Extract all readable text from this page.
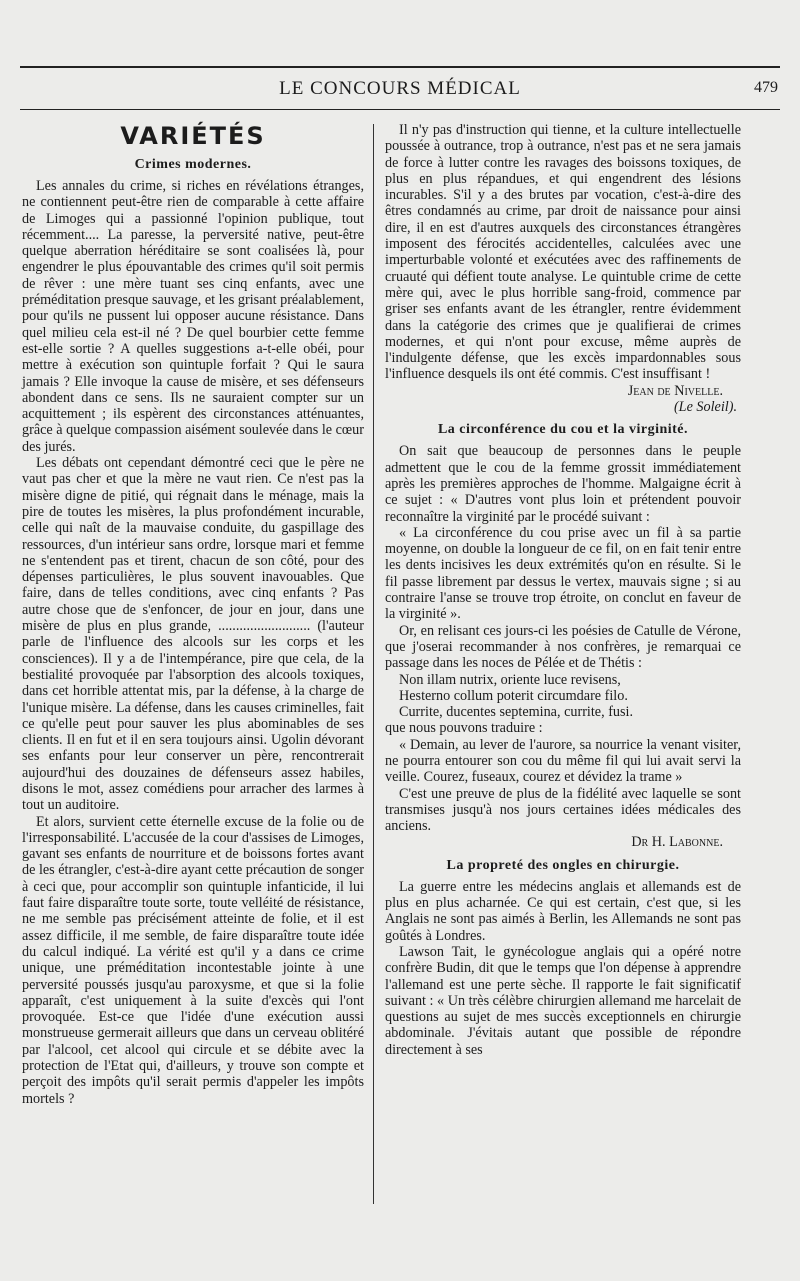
LE CONCOURS MÉDICAL	479
VARIÉTÉS
Crimes modernes.

Les annales du crime, si riches en révélations étranges, ne contiennent peut-être rien de comparable à cette affaire de Limoges qui a passionné l'opinion publique, tout récemment.... La paresse, la perversité native, peut-être quelque aberration héréditaire se sont coalisées là, pour engendrer le plus épouvantable des crimes qu'il soit permis de rêver : une mère tuant ses cinq enfants, avec une préméditation presque sauvage, et les grisant préalablement, pour qu'ils ne pussent lui opposer aucune résistance. Dans quel milieu cela est-il né ? De quel bourbier cette femme est-elle sortie ? A quelles suggestions a-t-elle obéi, pour mettre à exécution son quintuple forfait ? Qui le saura jamais ? Elle invoque la cause de misère, et ses défenseurs abondent dans ce sens. Ils ne sauraient compter sur un acquittement ; ils espèrent des circonstances atténuantes, grâce à quelque compassion aisément soulevée dans le cœur des jurés.

Les débats ont cependant démontré ceci que le père ne vaut pas cher et que la mère ne vaut rien. Ce n'est pas la misère digne de pitié, qui régnait dans le ménage, mais la pire de toutes les misères, la plus profondément incurable, celle qui naît de la mauvaise conduite, du gaspillage des ressources, d'un intérieur sans ordre, lorsque mari et femme ne s'entendent pas et tirent, chacun de son côté, pour des dépenses particulières, le plus souvent inavouables. Que faire, dans de telles conditions, avec cinq enfants ? Pas autre chose que de s'enfoncer, de jour en jour, dans une misère de plus en plus grande, .......................... (l'auteur parle de l'influence des alcools sur les corps et les consciences). Il y a de l'intempérance, pire que cela, de la bestialité provoquée par l'absorption des alcools toxiques, dans cet horrible attentat mis, par la défense, à la charge de l'unique misère. La défense, dans les causes criminelles, fait ce qu'elle peut pour sauver les plus abominables de ses clients. Il en fut et il en sera toujours ainsi. Ugolin dévorant ses enfants pour leur conserver un père, rencontrerait aujourd'hui des douzaines de défenseurs assez habiles, disons le mot, assez comédiens pour arracher des larmes à tout un auditoire.

Et alors, survient cette éternelle excuse de la folie ou de l'irresponsabilité. L'accusée de la cour d'assises de Limoges, gavant ses enfants de nourriture et de boissons fortes avant de les étrangler, c'est-à-dire ayant cette précaution de songer à ceci que, pour accomplir son quintuple infanticide, il lui faut faire disparaître toute sorte, toute velléité de résistance, ne me semble pas précisément atteinte de folie, et il est assez difficile, il me semble, de faire disparaître toute idée du calcul indiqué. La vérité est qu'il y a dans ce crime unique, une préméditation incontestable jointe à une perversité poussés jusqu'au paroxysme, et que si la folie apparaît, c'est uniquement à la suite d'excès qui l'ont provoquée. Est-ce que l'idée d'une exécution aussi monstrueuse germerait ailleurs que dans un cerveau oblitéré par l'alcool, cet alcool qui circule et se débite avec la protection de l'Etat qui, d'ailleurs, y trouve son compte et perçoit des impôts qu'il serait permis d'appeler les impôts mortels ?

Il n'y pas d'instruction qui tienne, et la culture intellectuelle poussée à outrance, trop à outrance, n'est pas et ne sera jamais de force à lutter contre les ravages des boissons toxiques, de plus en plus répandues, et qui engendrent des lésions incurables. S'il y a des brutes par vocation, c'est-à-dire des êtres condamnés au crime, par droit de naissance pour ainsi dire, il en est d'autres auxquels des circonstances étrangères imposent des férocités accidentelles, calculées avec une imperturbable volonté et exécutées avec des raffinements de cruauté qui défient toute analyse. Le quintuble crime de cette mère qui, avec le plus horrible sang-froid, commence par griser ses enfants avant de les étrangler, rentre évidemment dans la catégorie des crimes que je qualifierai de crimes modernes, et qui n'ont pour excuse, même auprès de l'indulgente défense, que les excès impardonnables sous l'influence desquels ils ont été commis. C'est insuffisant !

Jean de Nivelle.

(Le Soleil).

La circonférence du cou et la virginité.

On sait que beaucoup de personnes dans le peuple admettent que le cou de la femme grossit immédiatement après les premières approches de l'homme. Malgaigne écrit à ce sujet : « D'autres vont plus loin et prétendent pouvoir reconnaître la virginité par le procédé suivant :

« La circonférence du cou prise avec un fil à sa partie moyenne, on double la longueur de ce fil, on en fait tenir entre les dents incisives les deux extrémités qu'on en résulte. Si le fil passe librement par dessus le vertex, mauvais signe ; si au contraire l'anse se trouve trop étroite, on conclut en faveur de la virginité ».

Or, en relisant ces jours-ci les poésies de Catulle de Vérone, que j'oserai recommander à nos confrères, je remarquai ce passage dans les noces de Pélée et de Thétis :

Non illam nutrix, oriente luce revisens,
Hesterno collum poterit circumdare filo.
Currite, ducentes septemina, currite, fusi.

que nous pouvons traduire :

« Demain, au lever de l'aurore, sa nourrice la venant visiter, ne pourra entourer son cou du même fil qui lui avait servi la veille. Courez, fuseaux, courez et dévidez la trame »

C'est une preuve de plus de la fidélité avec laquelle se sont transmises jusqu'à nos jours certaines idées médicales des anciens.

Dr H. Labonne.

La propreté des ongles en chirurgie.

La guerre entre les médecins anglais et allemands est de plus en plus acharnée. Ce qui est certain, c'est que, si les Anglais ne sont pas aimés à Berlin, les Allemands ne sont pas goûtés à Londres.

Lawson Tait, le gynécologue anglais qui a opéré notre confrère Budin, dit que le temps que l'on dépense à apprendre l'allemand est une perte sèche. Il rapporte le fait significatif suivant : « Un très célèbre chirurgien allemand me harcelait de questions au sujet de mes succès exceptionnels en chirurgie abdominale. J'évitais autant que possible de répondre directement à ses
